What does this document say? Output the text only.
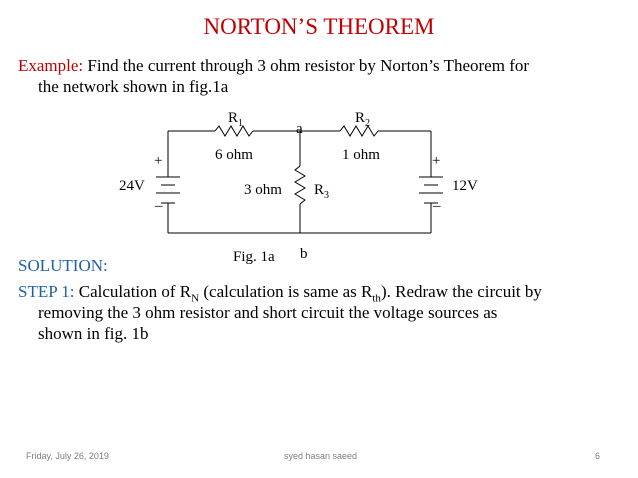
NORTON’S THEOREM
Example: Find the current through 3 ohm resistor by Norton’s Theorem for
the network shown in fig.1a
$R_1$
6 ohm
$R_2$
1 ohm
a
3 ohm $R_3$
24V	12V
+
_
+
_
b
Fig. 1a
SOLUTION:
STEP 1: Calculation of $R_N$ (calculation is same as $R_{th}$). Redraw the circuit by
removing the 3 ohm resistor and short circuit the voltage sources as
shown in fig. 1b
Friday, July 26, 2019	syed hasan saeed	6
